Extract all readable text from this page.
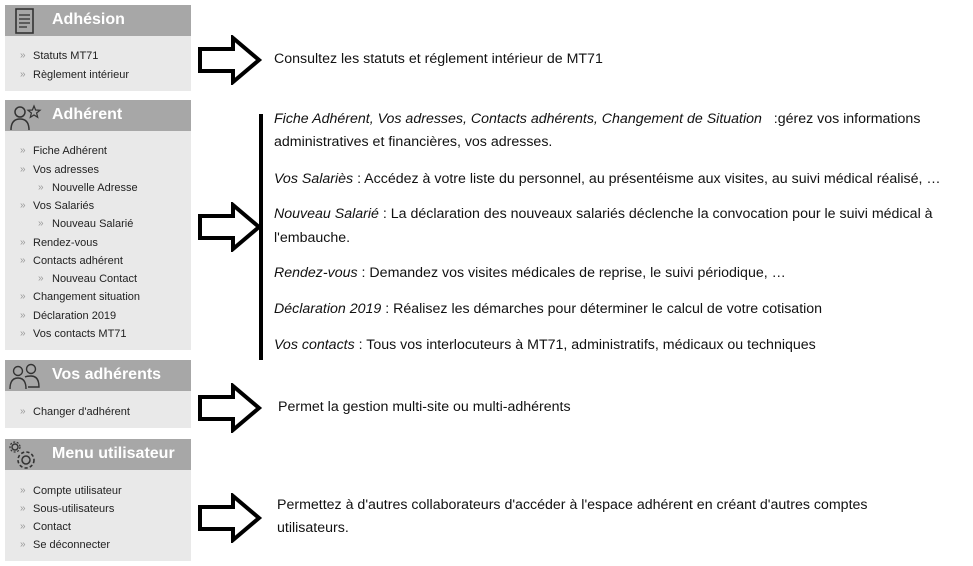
Adhésion
» Statuts MT71
» Règlement intérieur
Adhérent
» Fiche Adhérent
» Vos adresses
» Nouvelle Adresse
» Vos Salariés
» Nouveau Salarié
» Rendez-vous
» Contacts adhérent
» Nouveau Contact
» Changement situation
» Déclaration 2019
» Vos contacts MT71
Vos adhérents
» Changer d'adhérent
Menu utilisateur
» Compte utilisateur
» Sous-utilisateurs
» Contact
» Se déconnecter
Consultez les statuts et réglement intérieur de MT71
Fiche Adhérent, Vos adresses, Contacts adhérents, Changement de Situation   :gérez vos informations
administratives et financières, vos adresses.
Vos Salariès : Accédez à votre liste du personnel, au présentéisme aux visites, au suivi médical réalisé, …
Nouveau Salarié : La déclaration des nouveaux salariés déclenche la convocation pour le suivi médical à
l'embauche.
Rendez-vous : Demandez vos visites médicales de reprise, le suivi périodique, …
Déclaration 2019 : Réalisez les démarches pour déterminer le calcul de votre cotisation
Vos contacts : Tous vos interlocuteurs à MT71, administratifs, médicaux ou techniques
Permet la gestion multi-site ou multi-adhérents
Permettez à d'autres collaborateurs d'accéder à l'espace adhérent en créant d'autres comptes
utilisateurs.
